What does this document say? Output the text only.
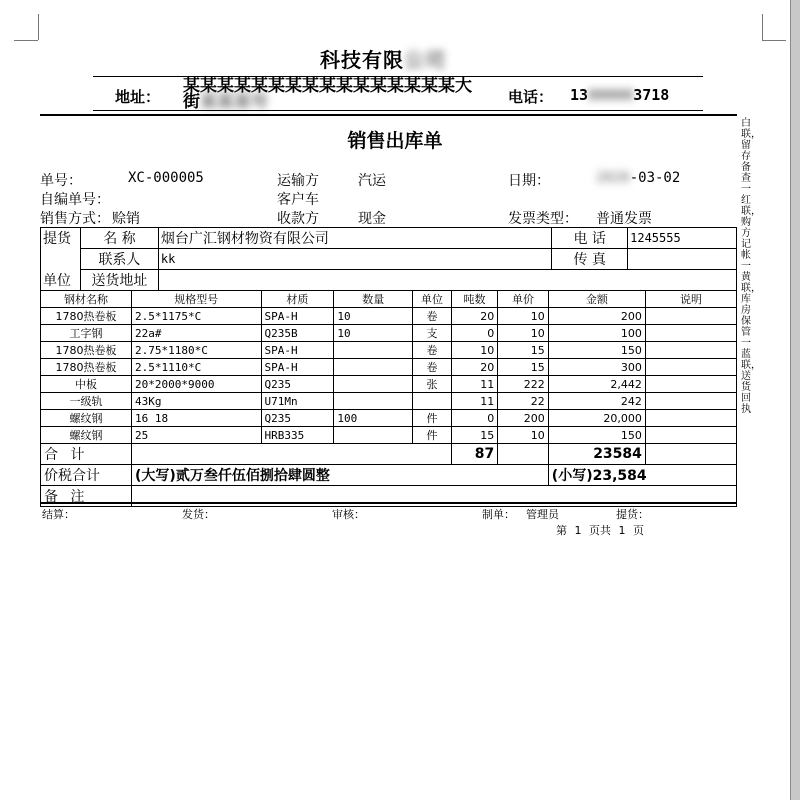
科技有限公司
地址：
某某某某某某某某某某某某某某某某大街某某某号	电话： 13000003718
销售出库单
白联，留存备查一红联，购方记帐一黄联，库房保管一蓝联，送货回执
单号：	XC-000005	运输方	汽运	日期：	2020-03-02
自编单号：	客户车
销售方式： 赊销	收款方	现金	发票类型： 普通发票
提货	名 称	烟台广汇钢材物资有限公司	电 话	1245555
	联系人	kk	传 真	
单位	送货地址			
钢材名称	规格型号	材质	数量	单位	吨数	单价	金额	说明
1780热卷板	2.5*1175*C	SPA-H	10	卷	20	10	200	
工字钢	22a#	Q235B	10	支	0	10	100	
1780热卷板	2.75*1180*C	SPA-H		卷	10	15	150	
1780热卷板	2.5*1110*C	SPA-H		卷	20	15	300	
中板	20*2000*9000	Q235		张	11	222	2,442	
一级轨	43Kg	U71Mn			11	22	242	
螺纹钢	16 18	Q235	100	件	0	200	20,000	
螺纹钢	25	HRB335		件	15	10	150	
合 计					87		23584	
价税合计	(大写)贰万叁仟伍佰捌拾肆圆整						(小写)23,584	
备 注								
结算：	发货：	审核：	制单： 管理员	提货：
第 1 页共 1 页
